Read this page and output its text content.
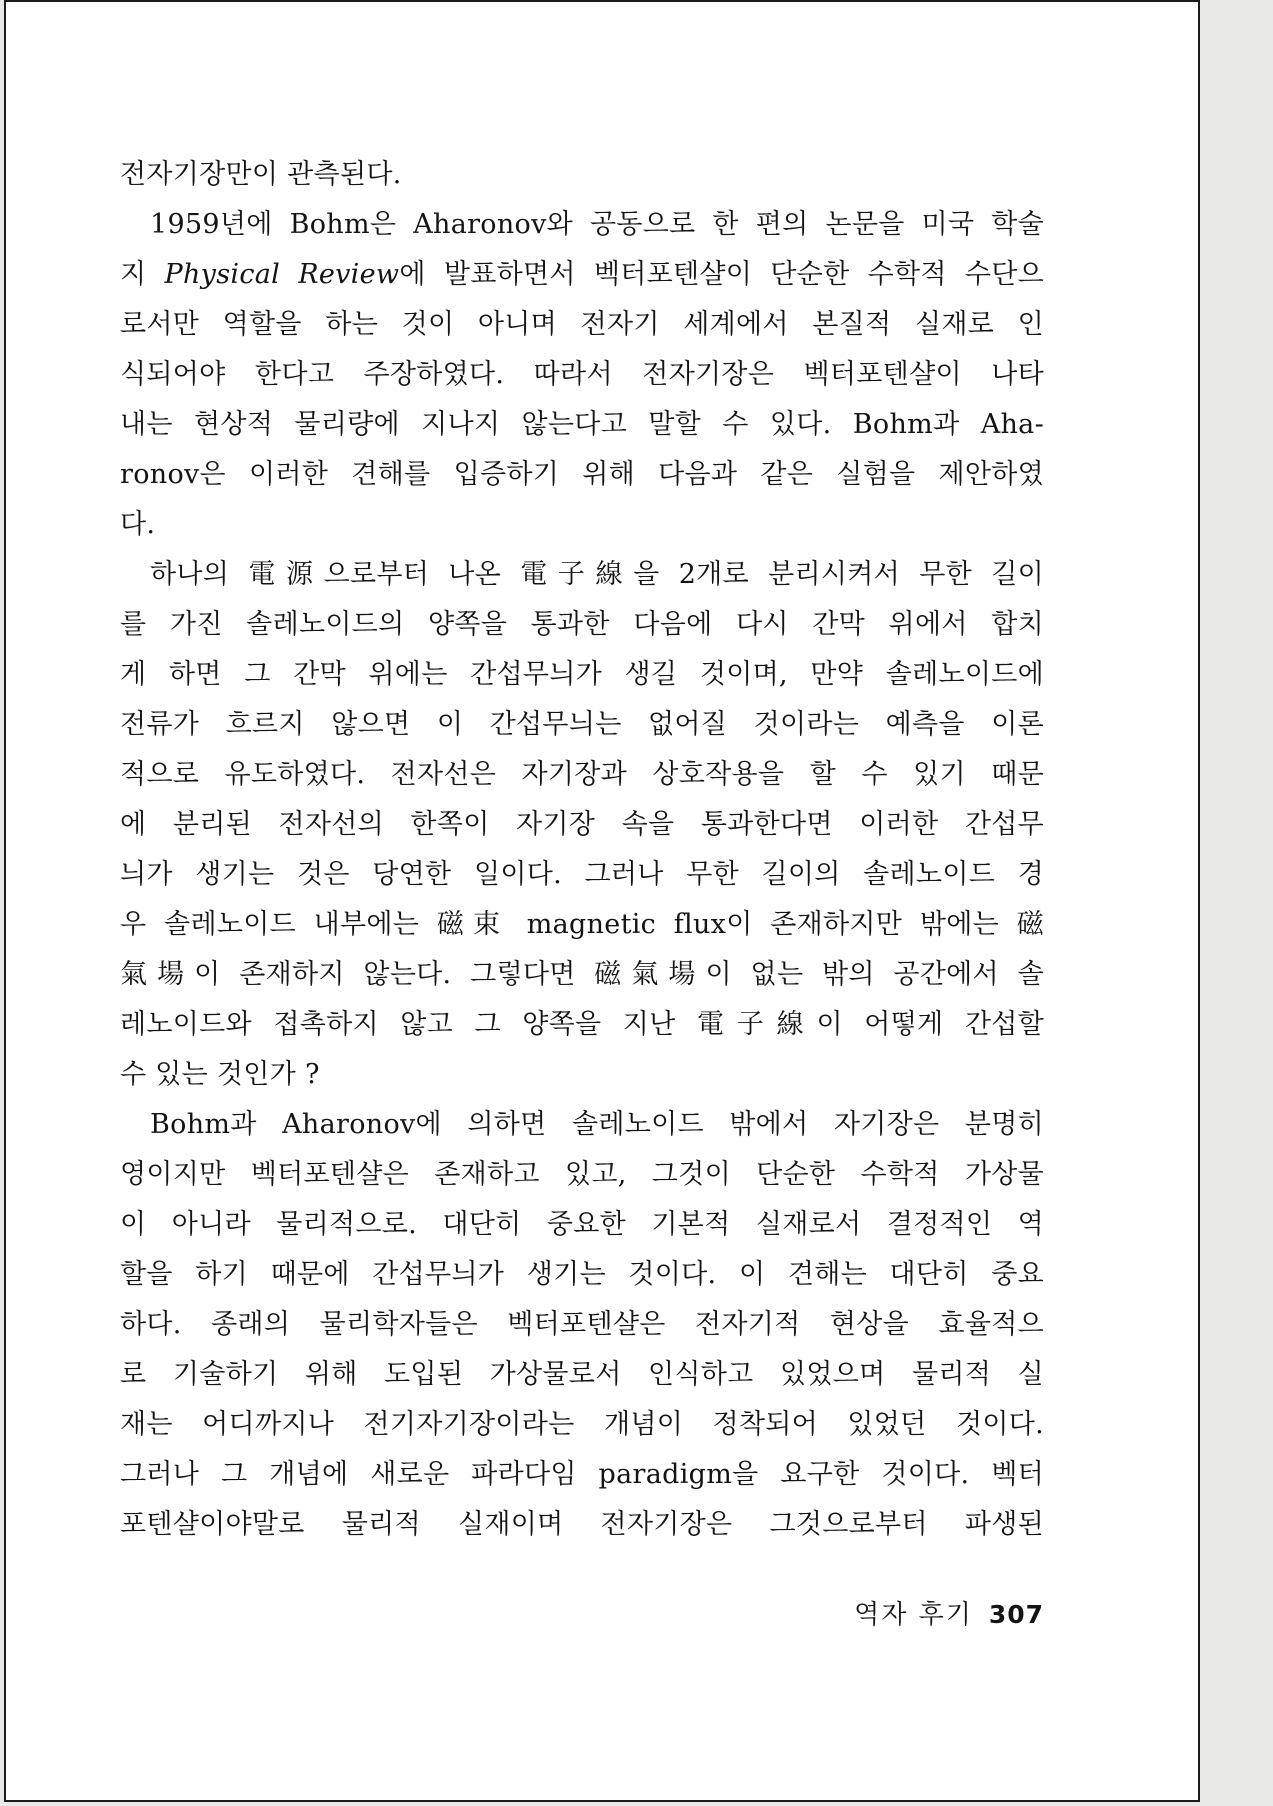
전자기장만이 관측된다.
1959년에 Bohm은 Aharonov와 공동으로 한 편의 논문을 미국 학술
지 Physical Review에 발표하면서 벡터포텐샬이 단순한 수학적 수단으
로서만 역할을 하는 것이 아니며 전자기 세계에서 본질적 실재로 인
식되어야 한다고 주장하였다. 따라서 전자기장은 벡터포텐샬이 나타
내는 현상적 물리량에 지나지 않는다고 말할 수 있다. Bohm과 Aha-
ronov은 이러한 견해를 입증하기 위해 다음과 같은 실험을 제안하였
다.
하나의 電源으로부터 나온 電子線을 2개로 분리시켜서 무한 길이
를 가진 솔레노이드의 양쪽을 통과한 다음에 다시 간막 위에서 합치
게 하면 그 간막 위에는 간섭무늬가 생길 것이며, 만약 솔레노이드에
전류가 흐르지 않으면 이 간섭무늬는 없어질 것이라는 예측을 이론
적으로 유도하였다. 전자선은 자기장과 상호작용을 할 수 있기 때문
에 분리된 전자선의 한쪽이 자기장 속을 통과한다면 이러한 간섭무
늬가 생기는 것은 당연한 일이다. 그러나 무한 길이의 솔레노이드 경
우 솔레노이드 내부에는 磁束 magnetic flux이 존재하지만 밖에는 磁
氣場이 존재하지 않는다. 그렇다면 磁氣場이 없는 밖의 공간에서 솔
레노이드와 접촉하지 않고 그 양쪽을 지난 電子線이 어떻게 간섭할
수 있는 것인가 ?
Bohm과 Aharonov에 의하면 솔레노이드 밖에서 자기장은 분명히
영이지만 벡터포텐샬은 존재하고 있고, 그것이 단순한 수학적 가상물
이 아니라 물리적으로. 대단히 중요한 기본적 실재로서 결정적인 역
할을 하기 때문에 간섭무늬가 생기는 것이다. 이 견해는 대단히 중요
하다. 종래의 물리학자들은 벡터포텐샬은 전자기적 현상을 효율적으
로 기술하기 위해 도입된 가상물로서 인식하고 있었으며 물리적 실
재는 어디까지나 전기자기장이라는 개념이 정착되어 있었던 것이다.
그러나 그 개념에 새로운 파라다임 paradigm을 요구한 것이다. 벡터
포텐샬이야말로 물리적 실재이며 전자기장은 그것으로부터 파생된
역자 후기 307
